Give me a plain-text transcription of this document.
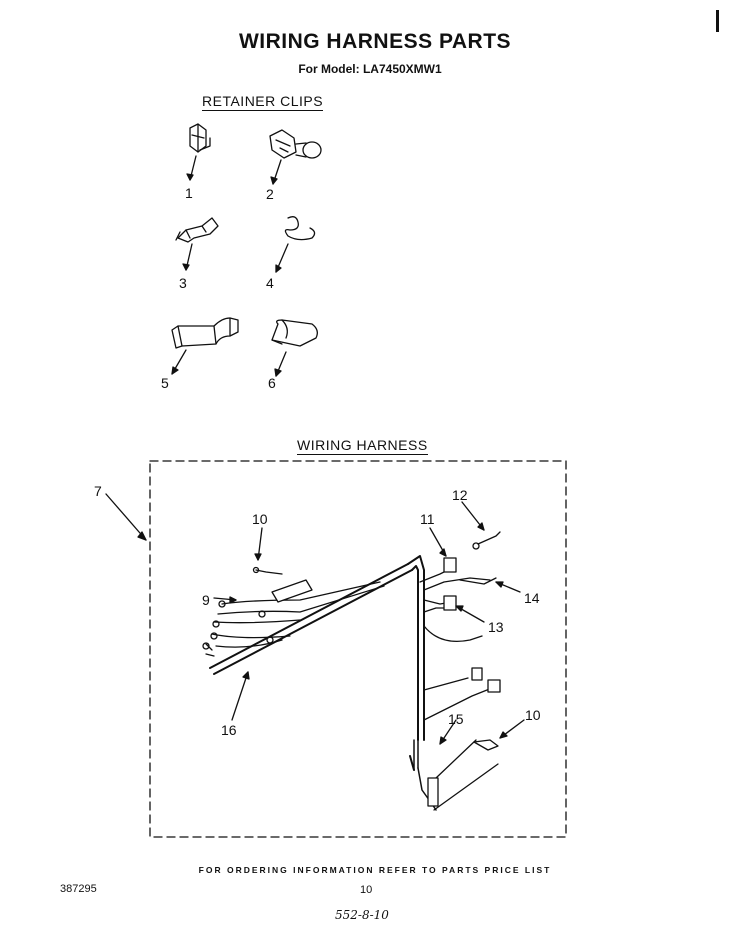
WIRING HARNESS PARTS
For Model: LA7450XMW1
RETAINER CLIPS
WIRING HARNESS
1	2
3	4
5	6
7
9
10
10
11
12
13
14
15
16
FOR ORDERING INFORMATION REFER TO PARTS PRICE LIST
387295	10
552-8-10
